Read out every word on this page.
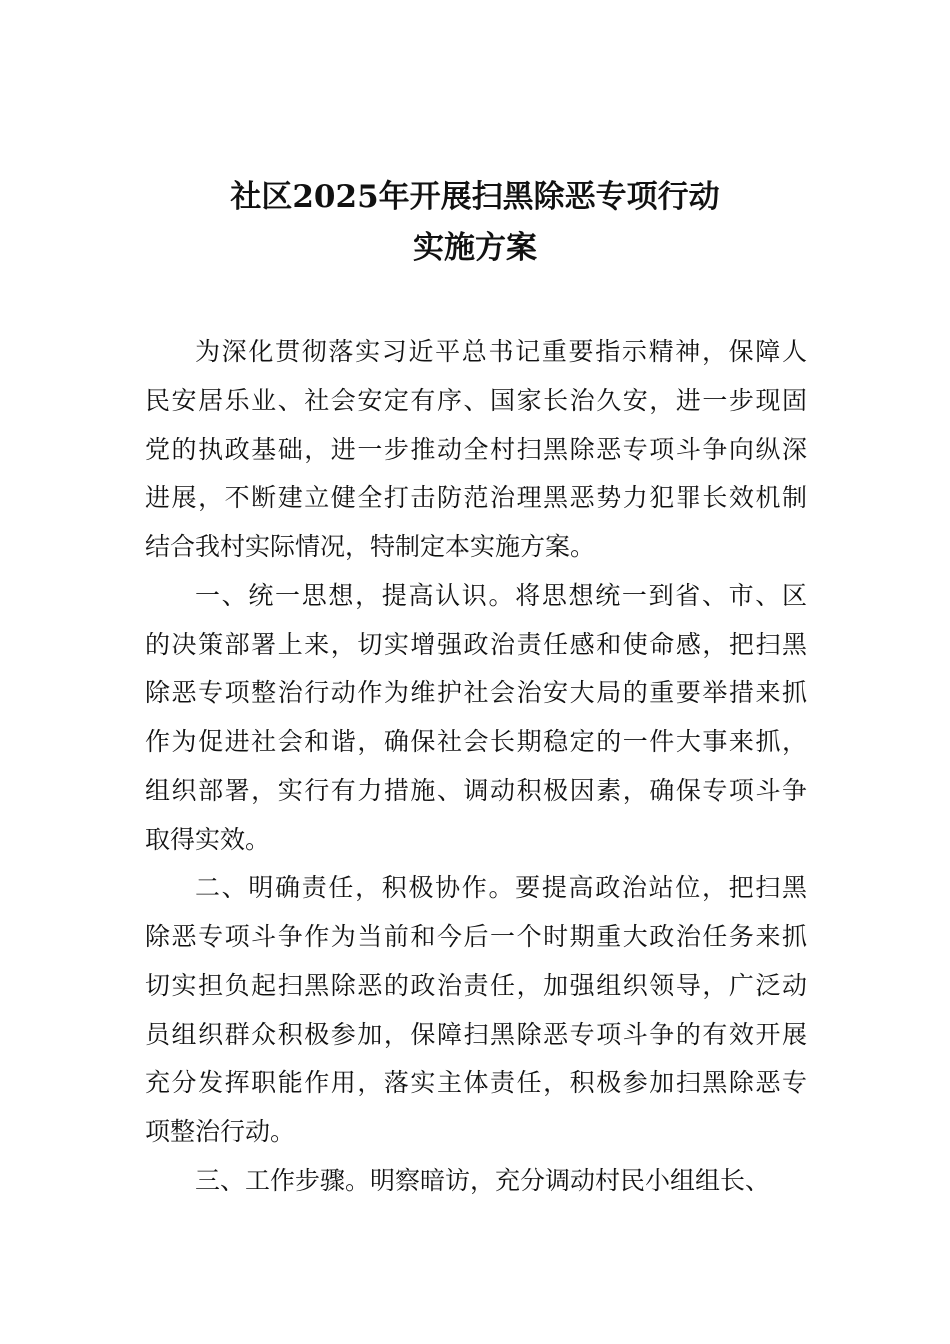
社区2025年开展扫黑除恶专项行动
实施方案
为深化贯彻落实习近平总书记重要指示精神，保障人
民安居乐业、社会安定有序、国家长治久安，进一步现固
党的执政基础，进一步推动全村扫黑除恶专项斗争向纵深
进展，不断建立健全打击防范治理黑恶势力犯罪长效机制
结合我村实际情况，特制定本实施方案。
一、统一思想，提高认识。将思想统一到省、市、区
的决策部署上来，切实增强政治责任感和使命感，把扫黑
除恶专项整治行动作为维护社会治安大局的重要举措来抓
作为促进社会和谐，确保社会长期稳定的一件大事来抓，
组织部署，实行有力措施、调动积极因素，确保专项斗争
取得实效。
二、明确责任，积极协作。要提高政治站位，把扫黑
除恶专项斗争作为当前和今后一个时期重大政治任务来抓
切实担负起扫黑除恶的政治责任，加强组织领导，广泛动
员组织群众积极参加，保障扫黑除恶专项斗争的有效开展
充分发挥职能作用，落实主体责任，积极参加扫黑除恶专
项整治行动。
三、工作步骤。明察暗访，充分调动村民小组组长、
